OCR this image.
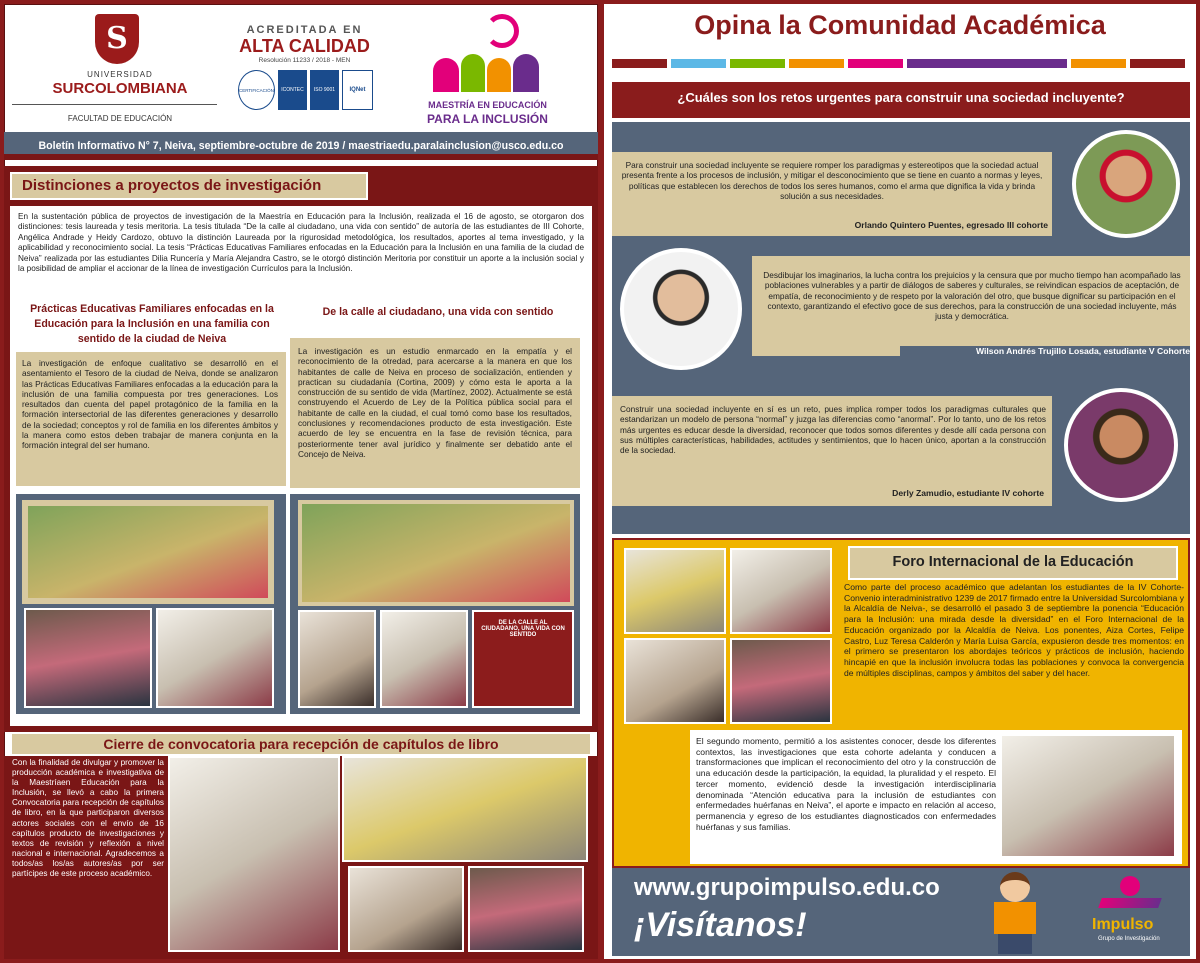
S
UNIVERSIDAD
SURCOLOMBIANA
FACULTAD DE EDUCACIÓN
ACREDITADA EN
ALTA CALIDAD
Resolución 11233 / 2018 - MEN
CERTIFICACIÓN	ICONTEC	ISO 9001	IQNet
MAESTRÍA EN EDUCACIÓN
PARA LA INCLUSIÓN
Boletín Informativo N° 7, Neiva, septiembre-octubre de 2019 / maestriaedu.paralainclusion@usco.edu.co
Distinciones a proyectos de investigación
En la sustentación pública de proyectos de investigación de la Maestría en Educación para la Inclusión, realizada el 16 de agosto, se otorgaron dos distinciones: tesis laureada y tesis meritoria. La tesis titulada “De la calle al ciudadano, una vida con sentido” de autoría de las estudiantes de III Cohorte, Angélica Andrade y Heidy Cardozo, obtuvo la distinción Laureada por la rigurosidad metodológica, los resultados, aportes al tema investigado, y la aplicabilidad y reconocimiento social. La tesis “Prácticas Educativas Familiares enfocadas en la Educación para la Inclusión en una familia de la ciudad de Neiva” realizada por las estudiantes Dilia Runcería y María Alejandra Castro, se le otorgó distinción Meritoria por constituir un aporte a la inclusión social y la posibilidad de ampliar el accionar de la línea de investigación Currículos para la Inclusión.
Prácticas Educativas Familiares enfocadas en la Educación para la Inclusión en una familia con sentido de la ciudad de Neiva
De la calle al ciudadano, una vida con sentido
La investigación de enfoque cualitativo se desarrolló en el asentamiento el Tesoro de la ciudad de Neiva, donde se analizaron las Prácticas Educativas Familiares enfocadas a la educación para la inclusión de una familia compuesta por tres generaciones. Los resultados dan cuenta del papel protagónico de la familia en la formación intersectorial de las diferentes generaciones y desarrollo de la sociedad; conceptos y rol de familia en los diferentes ámbitos y la manera como estos deben trabajar de manera conjunta en la formación integral del ser humano.
La investigación es un estudio enmarcado en la empatía y el reconocimiento de la otredad, para acercarse a la manera en que los habitantes de calle de Neiva en proceso de socialización, entienden y practican su ciudadanía (Cortina, 2009) y cómo esta le aporta a la construcción de su sentido de vida (Martínez, 2002). Actualmente se está construyendo el Acuerdo de Ley de la Política pública social para el habitante de calle en la ciudad, el cual tomó como base los resultados, conclusiones y recomendaciones producto de esta investigación. Este acuerdo de ley se encuentra en la fase de revisión técnica, para posteriormente tener aval jurídico y finalmente ser debatido ante el Concejo de Neiva.
DE LA CALLE AL CIUDADANO, UNA VIDA CON SENTIDO
Cierre de convocatoria para recepción de capítulos de libro
Con la finalidad de divulgar y promover la producción académica e investigativa de la Maestríaen Educación para la Inclusión, se llevó a cabo la primera Convocatoria para recepción de capítulos de libro, en la que participaron diversos actores sociales con el envío de 16 capítulos producto de investigaciones y textos de revisión y reflexión a nivel nacional e internacional. Agradecemos a todos/as los/as autores/as por ser partícipes de este proceso académico.
Opina la Comunidad Académica
¿Cuáles son los retos urgentes para construir una sociedad incluyente?
Para construir una sociedad incluyente se requiere romper los paradigmas y estereotipos que la sociedad actual presenta frente a los procesos de inclusión, y mitigar el desconocimiento que se tiene en cuanto a normas y leyes, políticas que establecen los derechos de todos los seres humanos, como el arma que dignifica la vida y brinda solución a sus necesidades.
Orlando Quintero Puentes, egresado III cohorte
Desdibujar los imaginarios, la lucha contra los prejuicios y la censura que por mucho tiempo han acompañado las poblaciones vulnerables y a partir de diálogos de saberes y culturales, se reivindican espacios de aceptación, de empatía, de reconocimiento y de respeto por la valoración del otro, que busque dignificar su participación en el contexto, garantizando el efectivo goce de sus derechos, para la construcción de una sociedad incluyente, más justa y democrática.
Wilson Andrés Trujillo Losada, estudiante V Cohorte
Construir una sociedad incluyente en sí es un reto, pues implica romper todos los paradigmas culturales que estandarizan un modelo de persona “normal” y juzga las diferencias como “anormal”. Por lo tanto, uno de los retos más urgentes es educar desde la diversidad, reconocer que todos somos diferentes y desde allí cada persona con sus múltiples características, habilidades, actitudes y sentimientos, que lo hacen único, aportan a la construcción de la sociedad.
Derly Zamudio, estudiante IV cohorte
Foro Internacional de la Educación
Como parte del proceso académico que adelantan los estudiantes de la IV Cohorte-Convenio interadministrativo 1239 de 2017 firmado entre la Universidad Surcolombiana y la Alcaldía de Neiva-, se desarrolló el pasado 3 de septiembre la ponencia “Educación para la Inclusión: una mirada desde la diversidad” en el Foro Internacional de la Educación organizado por la Alcaldía de Neiva. Los ponentes, Aiza Cortes, Felipe Castro, Luz Teresa Calderón y María Luisa García, expusieron desde tres momentos: en el primero se presentaron los abordajes teóricos y prácticos de inclusión, haciendo hincapié en que la inclusión involucra todas las poblaciones y convoca la convergencia de múltiples disciplinas, campos y ámbitos del saber y del hacer.
El segundo momento, permitió a los asistentes conocer, desde los diferentes contextos, las investigaciones que esta cohorte adelanta y conducen a transformaciones que implican el reconocimiento del otro y la construcción de una educación desde la participación, la equidad, la pluralidad y el respeto. El tercer momento, evidenció desde la investigación interdisciplinaria denominada “Atención educativa para la inclusión de estudiantes con enfermedades huérfanas en Neiva”, el aporte e impacto en relación al acceso, permanencia y egreso de los estudiantes diagnosticados con enfermedades huérfanas y sus familias.
www.grupoimpulso.edu.co
¡Visítanos!	Impulso
Grupo de Investigación
